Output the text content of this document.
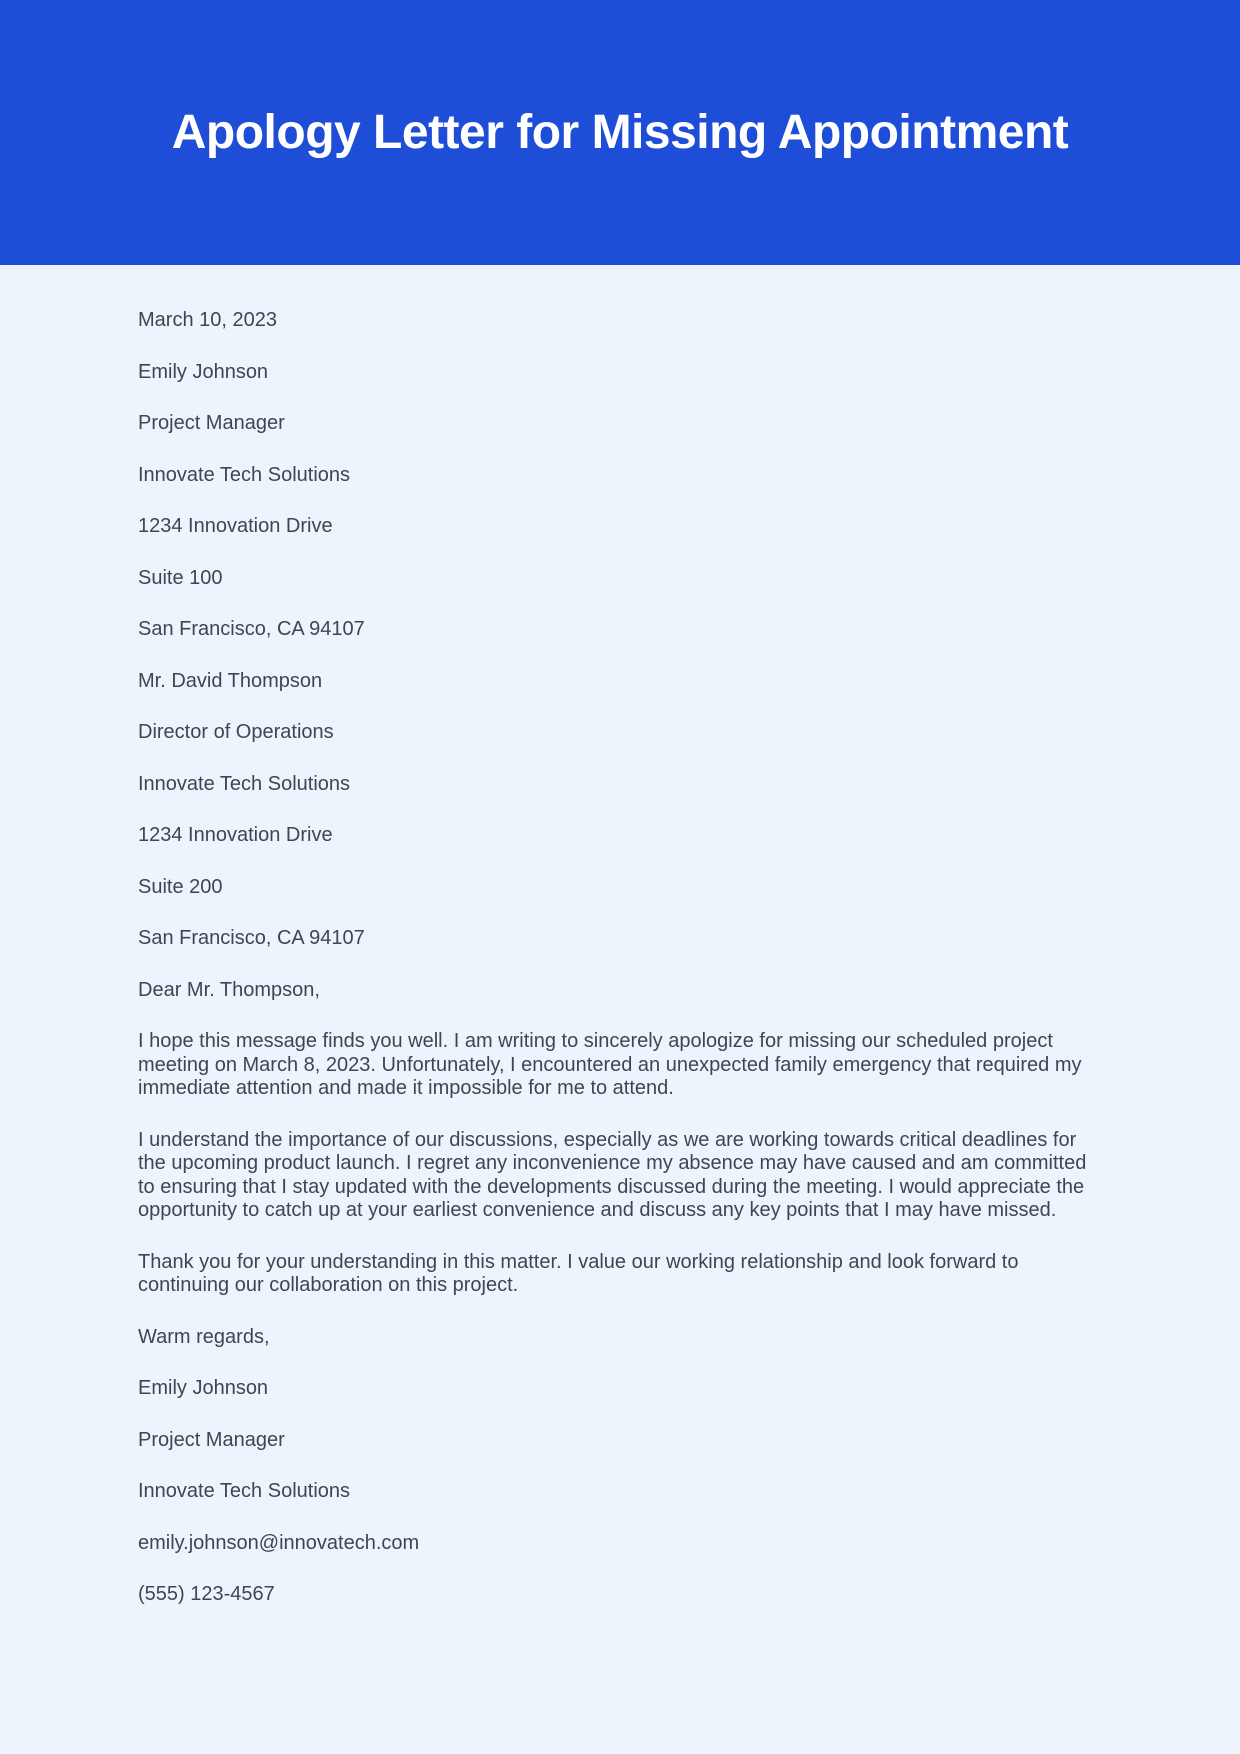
Apology Letter for Missing Appointment

March 10, 2023

Emily Johnson

Project Manager

Innovate Tech Solutions

1234 Innovation Drive

Suite 100

San Francisco, CA 94107

Mr. David Thompson

Director of Operations

Innovate Tech Solutions

1234 Innovation Drive

Suite 200

San Francisco, CA 94107

Dear Mr. Thompson,

I hope this message finds you well. I am writing to sincerely apologize for missing our scheduled project meeting on March 8, 2023. Unfortunately, I encountered an unexpected family emergency that required my immediate attention and made it impossible for me to attend.

I understand the importance of our discussions, especially as we are working towards critical deadlines for the upcoming product launch. I regret any inconvenience my absence may have caused and am committed to ensuring that I stay updated with the developments discussed during the meeting. I would appreciate the opportunity to catch up at your earliest convenience and discuss any key points that I may have missed.

Thank you for your understanding in this matter. I value our working relationship and look forward to continuing our collaboration on this project.

Warm regards,

Emily Johnson

Project Manager

Innovate Tech Solutions

emily.johnson@innovatech.com

(555) 123-4567
